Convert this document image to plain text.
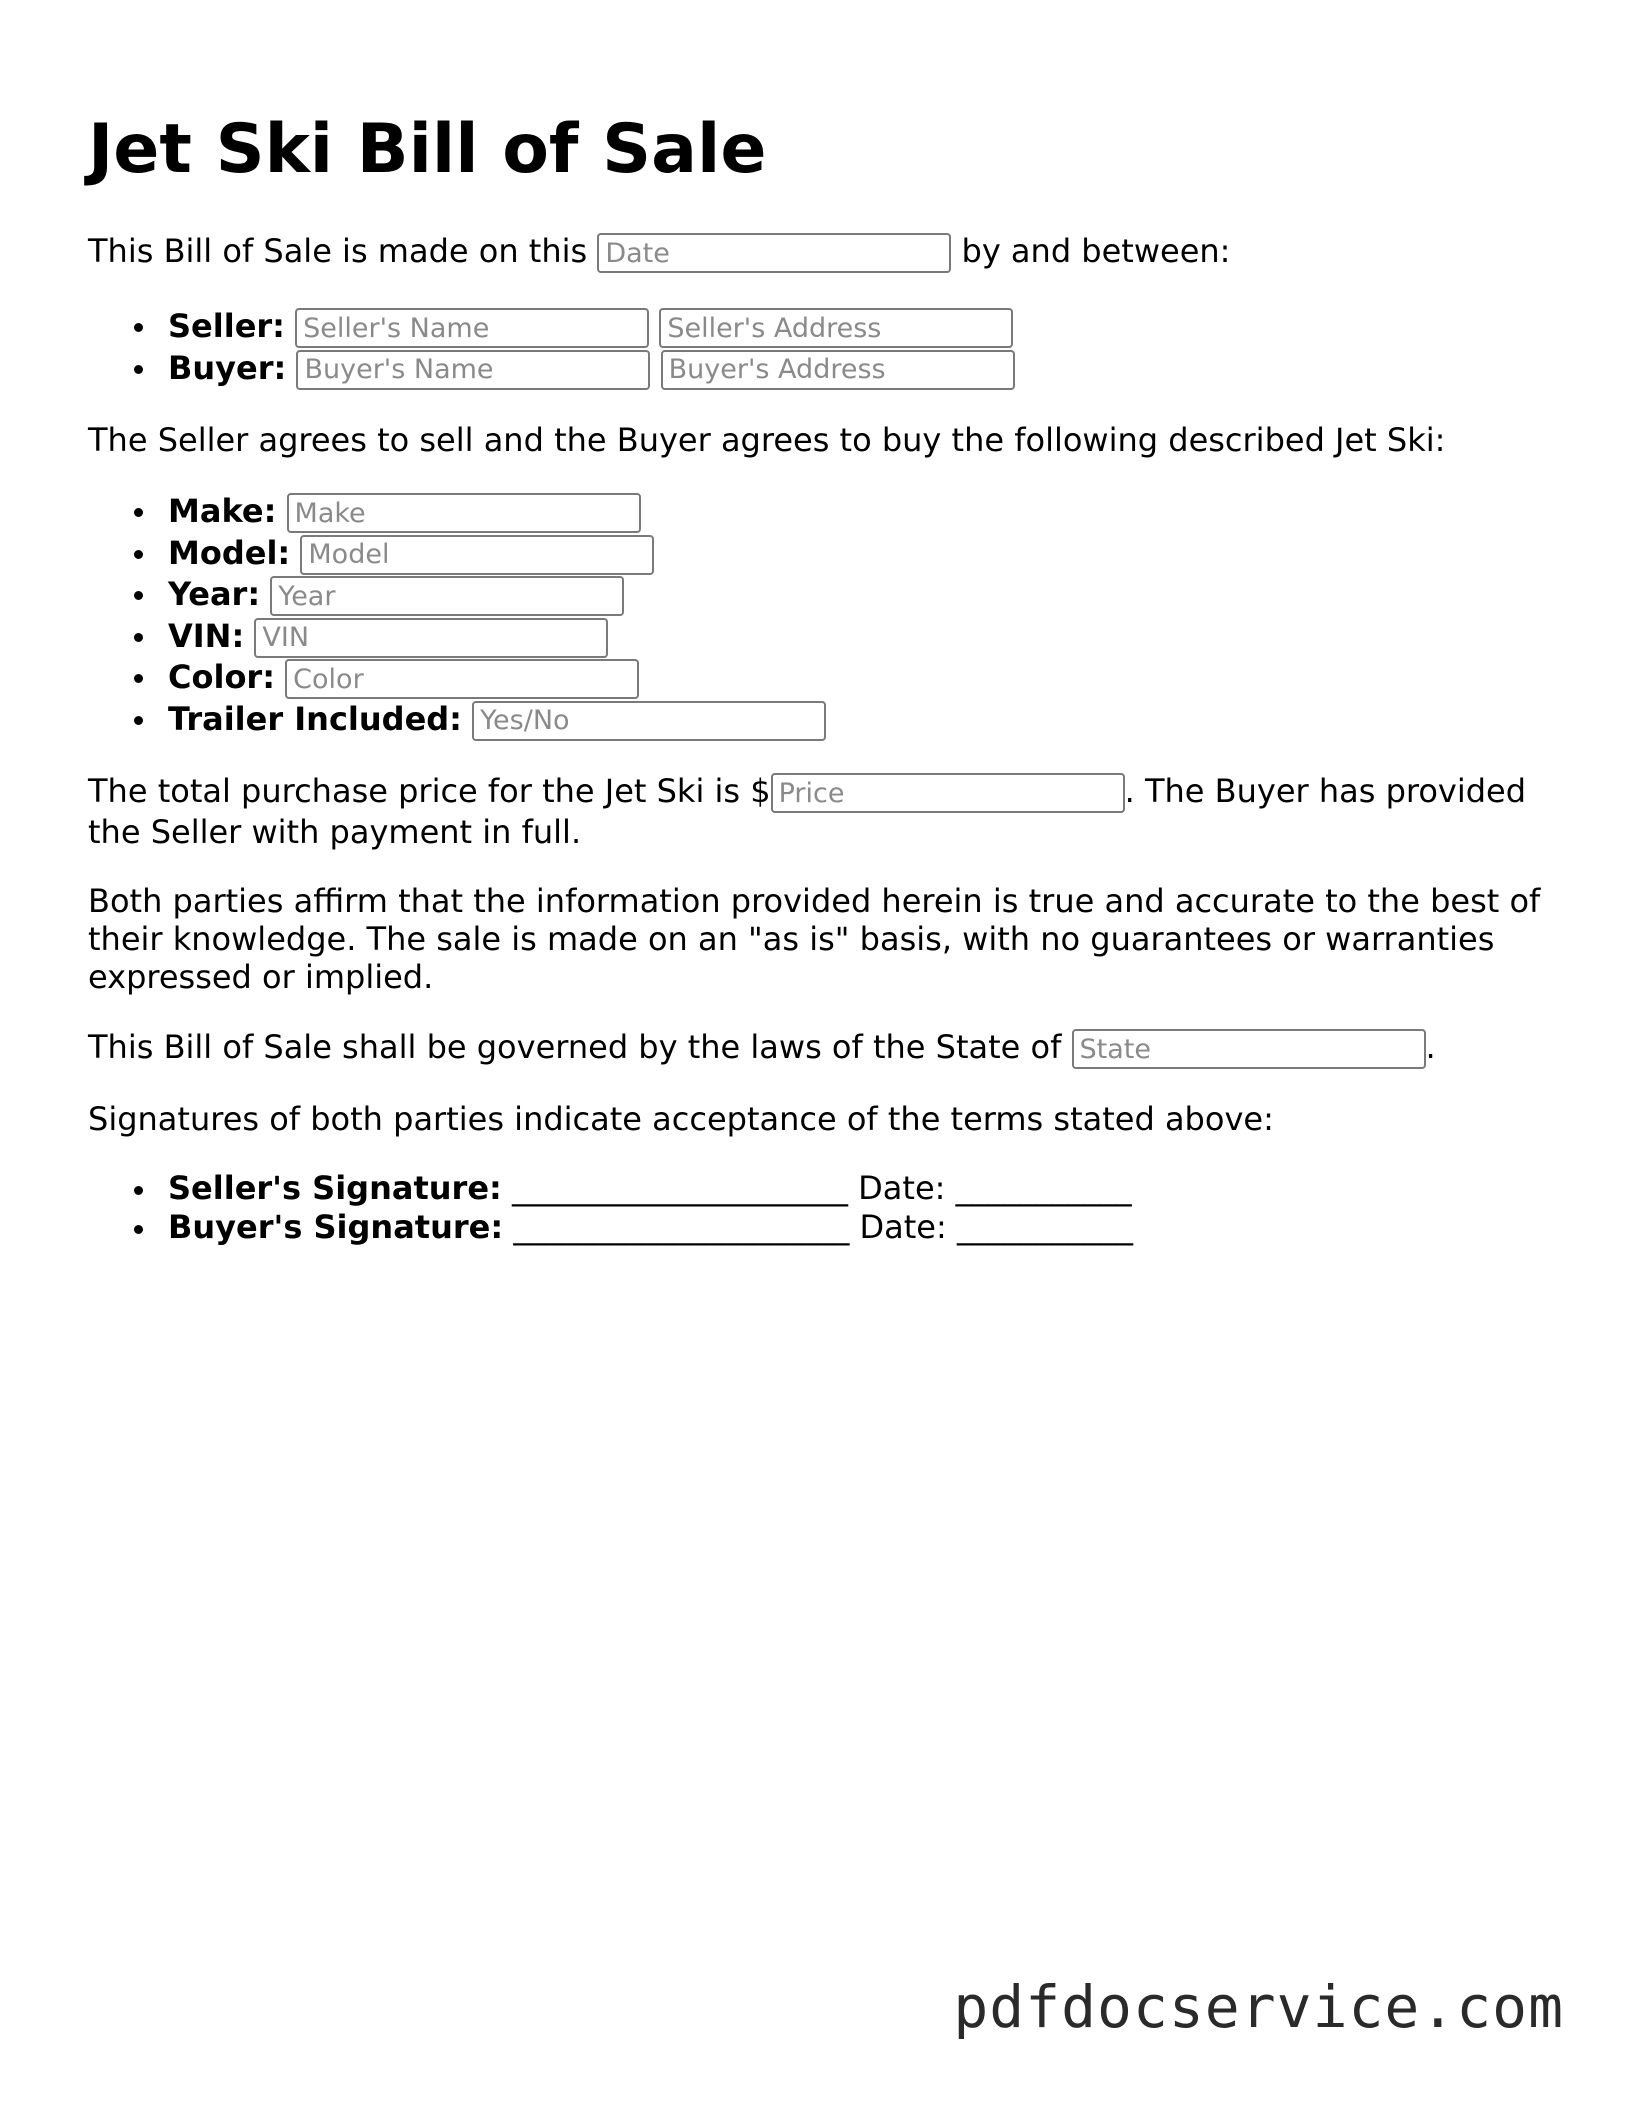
Jet Ski Bill of Sale
This Bill of Sale is made on this Date	by and between:
Seller: Seller's Name Seller's Address
Buyer: Buyer's Name Buyer's Address
The Seller agrees to sell and the Buyer agrees to buy the following described Jet Ski:
Make: Make
Model: Model
Year: Year
VIN: VIN
Color: Color
Trailer Included: Yes/No
The total purchase price for the Jet Ski is $Price	. The Buyer has provided
the Seller with payment in full.
Both parties affirm that the information provided herein is true and accurate to the best of their knowledge. The sale is made on an "as is" basis, with no guarantees or warranties expressed or implied.
This Bill of Sale shall be governed by the laws of the State of State	.
Signatures of both parties indicate acceptance of the terms stated above:
Seller's Signature: _____________________ Date: ___________
Buyer's Signature: _____________________ Date: ___________
pdfdocservice.com
